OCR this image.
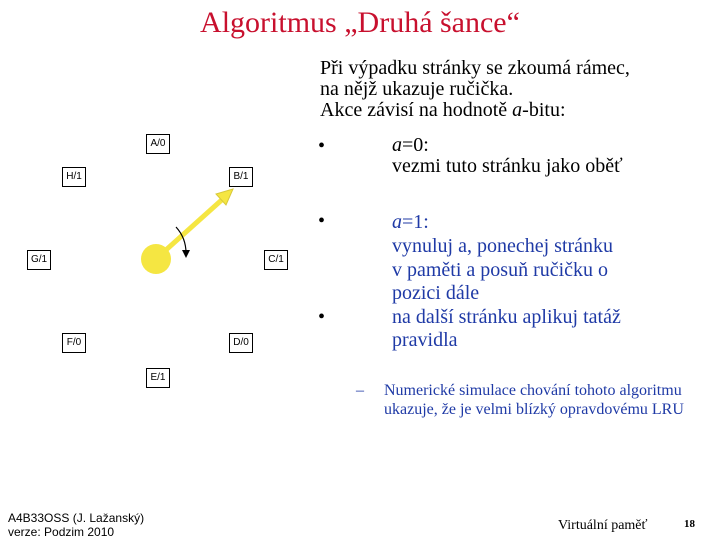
Algoritmus „Druhá šance“
A/0
B/1
C/1
D/0
E/1
F/0
G/1
H/1
Při výpadku stránky se zkoumá rámec,
na nějž ukazuje ručička.
Akce závisí na hodnotě a-bitu:
•	a=0:
vezmi tuto stránku jako oběť
•	a=1:
vynuluj a, ponechej stránku
v paměti a posuň ručičku o
pozici dále
•	na další stránku aplikuj tatáž
pravidla
– Numerické simulace chování tohoto algoritmu ukazuje, že je velmi blízký opravdovému LRU
A4B33OSS (J. Lažanský)
verze: Podzim 2010	Virtuální paměť	18
